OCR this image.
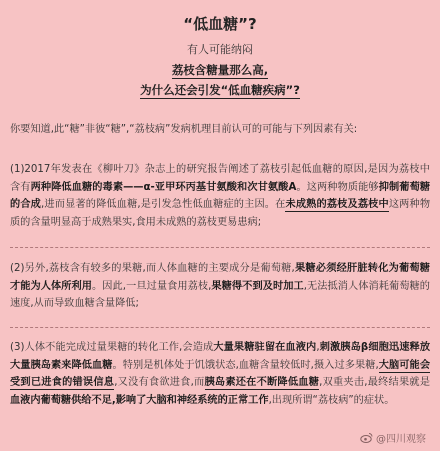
“低血糖”?
有人可能纳闷
荔枝含糖量那么高,
为什么还会引发“低血糖疾病”?

你要知道,此“糖”非彼“糖”,“荔枝病”发病机理目前认可的可能与下列因素有关:

(1)2017年发表在《柳叶刀》杂志上的研究报告阐述了荔枝引起低血糖的原因,是因为荔枝中含有两种降低血糖的毒素——α-亚甲环丙基甘氨酸和次甘氨酸A。这两种物质能够抑制葡萄糖的合成,进而显著的降低血糖,是引发急性低血糖症的主因。在未成熟的荔枝及荔枝中这两种物质的含量明显高于成熟果实,食用未成熟的荔枝更易患病;

(2)另外,荔枝含有较多的果糖,而人体血糖的主要成分是葡萄糖,果糖必须经肝脏转化为葡萄糖才能为人体所利用。因此,一旦过量食用荔枝,果糖得不到及时加工,无法抵消人体消耗葡萄糖的速度,从而导致血糖含量降低;

(3)人体不能完成过量果糖的转化工作,会造成大量果糖驻留在血液内,刺激胰岛β细胞迅速释放大量胰岛素来降低血糖。特别是机体处于饥饿状态,血糖含量较低时,摄入过多果糖,大脑可能会受到已进食的错误信息,又没有食欲进食,而胰岛素还在不断降低血糖,双重夹击,最终结果就是血液内葡萄糖供给不足,影响了大脑和神经系统的正常工作,出现所谓“荔枝病”的症状。

@四川观察
